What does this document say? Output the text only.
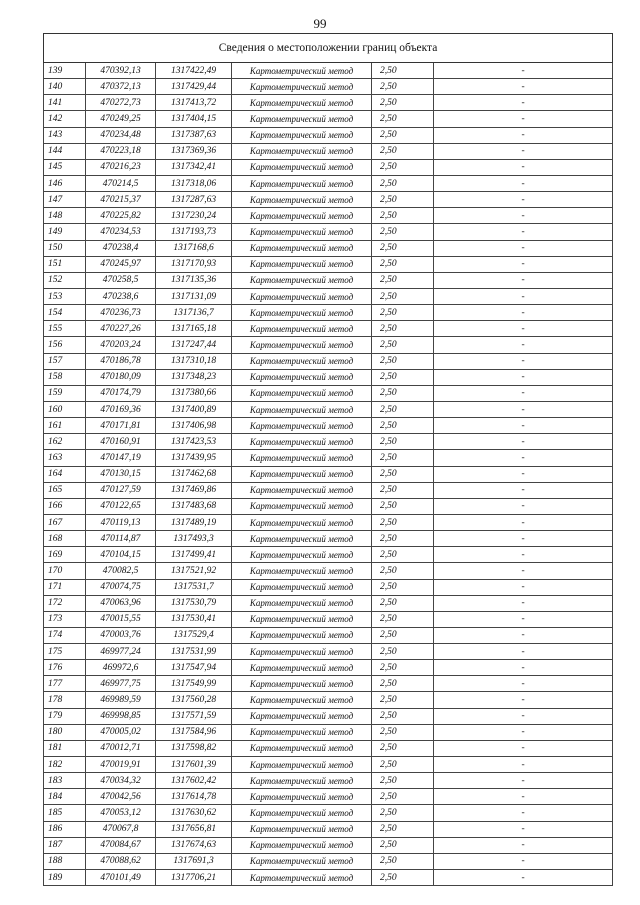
99
Сведения о местоположении границ объекта					
139	470392,13	1317422,49	Картометрический метод	2,50	-
140	470372,13	1317429,44	Картометрический метод	2,50	-
141	470272,73	1317413,72	Картометрический метод	2,50	-
142	470249,25	1317404,15	Картометрический метод	2,50	-
143	470234,48	1317387,63	Картометрический метод	2,50	-
144	470223,18	1317369,36	Картометрический метод	2,50	-
145	470216,23	1317342,41	Картометрический метод	2,50	-
146	470214,5	1317318,06	Картометрический метод	2,50	-
147	470215,37	1317287,63	Картометрический метод	2,50	-
148	470225,82	1317230,24	Картометрический метод	2,50	-
149	470234,53	1317193,73	Картометрический метод	2,50	-
150	470238,4	1317168,6	Картометрический метод	2,50	-
151	470245,97	1317170,93	Картометрический метод	2,50	-
152	470258,5	1317135,36	Картометрический метод	2,50	-
153	470238,6	1317131,09	Картометрический метод	2,50	-
154	470236,73	1317136,7	Картометрический метод	2,50	-
155	470227,26	1317165,18	Картометрический метод	2,50	-
156	470203,24	1317247,44	Картометрический метод	2,50	-
157	470186,78	1317310,18	Картометрический метод	2,50	-
158	470180,09	1317348,23	Картометрический метод	2,50	-
159	470174,79	1317380,66	Картометрический метод	2,50	-
160	470169,36	1317400,89	Картометрический метод	2,50	-
161	470171,81	1317406,98	Картометрический метод	2,50	-
162	470160,91	1317423,53	Картометрический метод	2,50	-
163	470147,19	1317439,95	Картометрический метод	2,50	-
164	470130,15	1317462,68	Картометрический метод	2,50	-
165	470127,59	1317469,86	Картометрический метод	2,50	-
166	470122,65	1317483,68	Картометрический метод	2,50	-
167	470119,13	1317489,19	Картометрический метод	2,50	-
168	470114,87	1317493,3	Картометрический метод	2,50	-
169	470104,15	1317499,41	Картометрический метод	2,50	-
170	470082,5	1317521,92	Картометрический метод	2,50	-
171	470074,75	1317531,7	Картометрический метод	2,50	-
172	470063,96	1317530,79	Картометрический метод	2,50	-
173	470015,55	1317530,41	Картометрический метод	2,50	-
174	470003,76	1317529,4	Картометрический метод	2,50	-
175	469977,24	1317531,99	Картометрический метод	2,50	-
176	469972,6	1317547,94	Картометрический метод	2,50	-
177	469977,75	1317549,99	Картометрический метод	2,50	-
178	469989,59	1317560,28	Картометрический метод	2,50	-
179	469998,85	1317571,59	Картометрический метод	2,50	-
180	470005,02	1317584,96	Картометрический метод	2,50	-
181	470012,71	1317598,82	Картометрический метод	2,50	-
182	470019,91	1317601,39	Картометрический метод	2,50	-
183	470034,32	1317602,42	Картометрический метод	2,50	-
184	470042,56	1317614,78	Картометрический метод	2,50	-
185	470053,12	1317630,62	Картометрический метод	2,50	-
186	470067,8	1317656,81	Картометрический метод	2,50	-
187	470084,67	1317674,63	Картометрический метод	2,50	-
188	470088,62	1317691,3	Картометрический метод	2,50	-
189	470101,49	1317706,21	Картометрический метод	2,50	-
